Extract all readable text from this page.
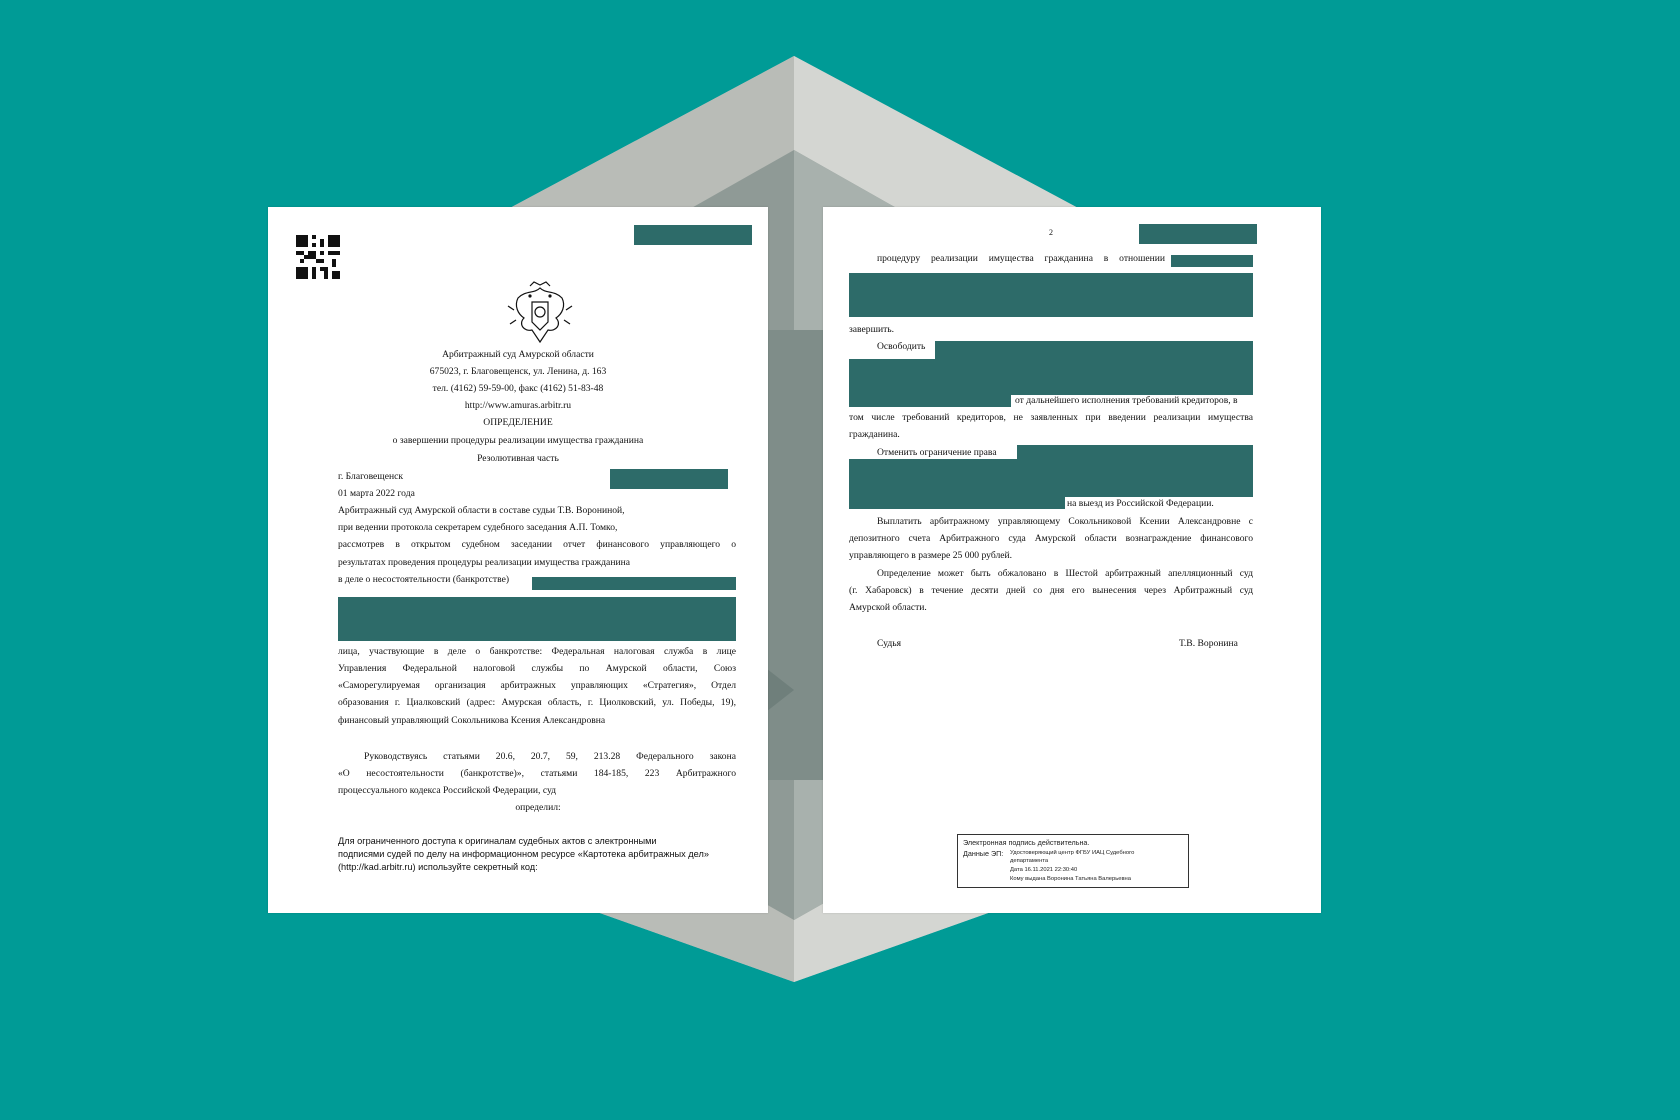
Арбитражный суд Амурской области
675023, г. Благовещенск, ул. Ленина, д. 163
тел. (4162) 59-59-00, факс (4162) 51-83-48
http://www.amuras.arbitr.ru
ОПРЕДЕЛЕНИЕ
о завершении процедуры реализации имущества гражданина
Резолютивная часть
г. Благовещенск
01 марта 2022 года
Арбитражный суд Амурской области в составе судьи Т.В. Ворониной,
при ведении протокола секретарем судебного заседания А.П. Томко,
рассмотрев в открытом судебном заседании отчет финансового управляющего о
результатах проведения процедуры реализации имущества гражданина
в деле о несостоятельности (банкротстве)
лица, участвующие в деле о банкротстве: Федеральная налоговая служба в лице
Управления Федеральной налоговой службы по Амурской области, Союз
«Саморегулируемая организация арбитражных управляющих «Стратегия», Отдел
образования г. Циалковский (адрес: Амурская область, г. Циолковский, ул. Победы, 19),
финансовый управляющий Сокольникова Ксения Александровна
Руководствуясь статьями 20.6, 20.7, 59, 213.28 Федерального закона
«О несостоятельности (банкротстве)», статьями 184-185, 223 Арбитражного
процессуального кодекса Российской Федерации, суд
определил:
Для ограниченного доступа к оригиналам судебных актов с электронными
подписями судей по делу на информационном ресурсе «Картотека арбитражных дел»
(http://kad.arbitr.ru) используйте секретный код:
2
процедуру реализации имущества гражданина в отношении
завершить.
Освободить
от дальнейшего исполнения требований кредиторов, в
том числе требований кредиторов, не заявленных при введении реализации имущества
гражданина.
Отменить ограничение права
на выезд из Российской Федерации.
Выплатить арбитражному управляющему Сокольниковой Ксении Александровне с
депозитного счета Арбитражного суда Амурской области вознаграждение финансового
управляющего в размере 25 000 рублей.
Определение может быть обжаловано в Шестой арбитражный апелляционный суд
(г. Хабаровск) в течение десяти дней со дня его вынесения через Арбитражный суд
Амурской области.
Судья	Т.В. Воронина
Электронная подпись действительна.
Данные ЭП: Удостоверяющий центр ФГБУ ИАЦ Судебного
департамента
Дата 16.11.2021 22:30:40
Кому выдана Воронина Татьяна Валерьевна
